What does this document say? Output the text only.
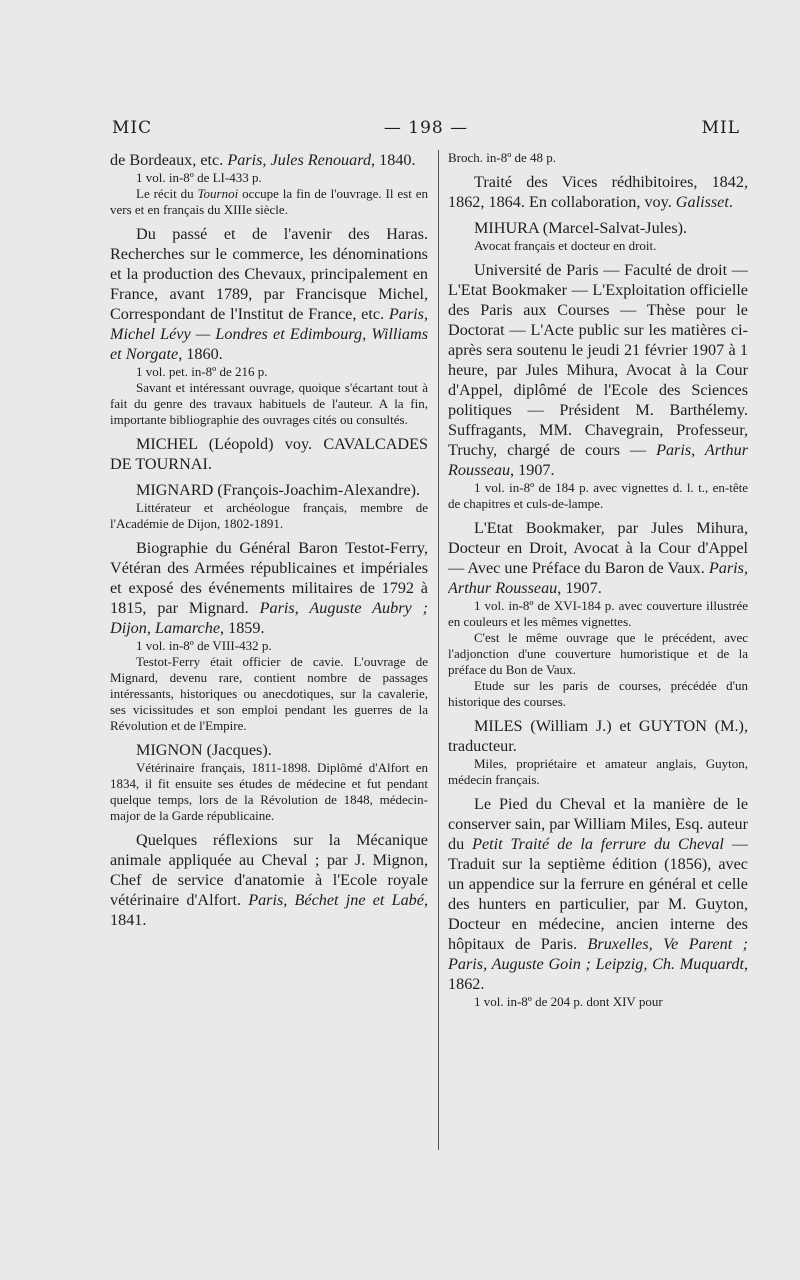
MIC	— 198 —	MIL

de Bordeaux, etc. Paris, Jules Renouard, 1840.

1 vol. in-8º de LI-433 p.

Le récit du Tournoi occupe la fin de l'ouvrage. Il est en vers et en français du XIIIe siècle.

Du passé et de l'avenir des Haras. Recherches sur le commerce, les dénominations et la production des Chevaux, principalement en France, avant 1789, par Francisque Michel, Correspondant de l'Institut de France, etc. Paris, Michel Lévy — Londres et Edimbourg, Williams et Norgate, 1860.

1 vol. pet. in-8º de 216 p.

Savant et intéressant ouvrage, quoique s'écartant tout à fait du genre des travaux habituels de l'auteur. A la fin, importante bibliographie des ouvrages cités ou consultés.

MICHEL (Léopold) voy. CAVALCADES DE TOURNAI.

MIGNARD (François-Joachim-Alexandre).

Littérateur et archéologue français, membre de l'Académie de Dijon, 1802-1891.

Biographie du Général Baron Testot-Ferry, Vétéran des Armées républicaines et impériales et exposé des événements militaires de 1792 à 1815, par Mignard. Paris, Auguste Aubry ; Dijon, Lamarche, 1859.

1 vol. in-8º de VIII-432 p.

Testot-Ferry était officier de cavie. L'ouvrage de Mignard, devenu rare, contient nombre de passages intéressants, historiques ou anecdotiques, sur la cavalerie, ses vicissitudes et son emploi pendant les guerres de la Révolution et de l'Empire.

MIGNON (Jacques).

Vétérinaire français, 1811-1898. Diplômé d'Alfort en 1834, il fit ensuite ses études de médecine et fut pendant quelque temps, lors de la Révolution de 1848, médecin-major de la Garde républicaine.

Quelques réflexions sur la Mécanique animale appliquée au Cheval ; par J. Mignon, Chef de service d'anatomie à l'Ecole royale vétérinaire d'Alfort. Paris, Béchet jne et Labé, 1841.

Broch. in-8º de 48 p.

Traité des Vices rédhibitoires, 1842, 1862, 1864. En collaboration, voy. Galisset.

MIHURA (Marcel-Salvat-Jules).

Avocat français et docteur en droit.

Université de Paris — Faculté de droit — L'Etat Bookmaker — L'Exploitation officielle des Paris aux Courses — Thèse pour le Doctorat — L'Acte public sur les matières ci-après sera soutenu le jeudi 21 février 1907 à 1 heure, par Jules Mihura, Avocat à la Cour d'Appel, diplômé de l'Ecole des Sciences politiques — Président M. Barthélemy. Suffragants, MM. Chavegrain, Professeur, Truchy, chargé de cours — Paris, Arthur Rousseau, 1907.

1 vol. in-8º de 184 p. avec vignettes d. l. t., en-tête de chapitres et culs-de-lampe.

L'Etat Bookmaker, par Jules Mihura, Docteur en Droit, Avocat à la Cour d'Appel — Avec une Préface du Baron de Vaux. Paris, Arthur Rousseau, 1907.

1 vol. in-8º de XVI-184 p. avec couverture illustrée en couleurs et les mêmes vignettes.

C'est le même ouvrage que le précédent, avec l'adjonction d'une couverture humoristique et de la préface du Bon de Vaux.

Etude sur les paris de courses, précédée d'un historique des courses.

MILES (William J.) et GUYTON (M.), traducteur.

Miles, propriétaire et amateur anglais, Guyton, médecin français.

Le Pied du Cheval et la manière de le conserver sain, par William Miles, Esq. auteur du Petit Traité de la ferrure du Cheval — Traduit sur la septième édition (1856), avec un appendice sur la ferrure en général et celle des hunters en particulier, par M. Guyton, Docteur en médecine, ancien interne des hôpitaux de Paris. Bruxelles, Ve Parent ; Paris, Auguste Goin ; Leipzig, Ch. Muquardt, 1862.

1 vol. in-8º de 204 p. dont XIV pour
